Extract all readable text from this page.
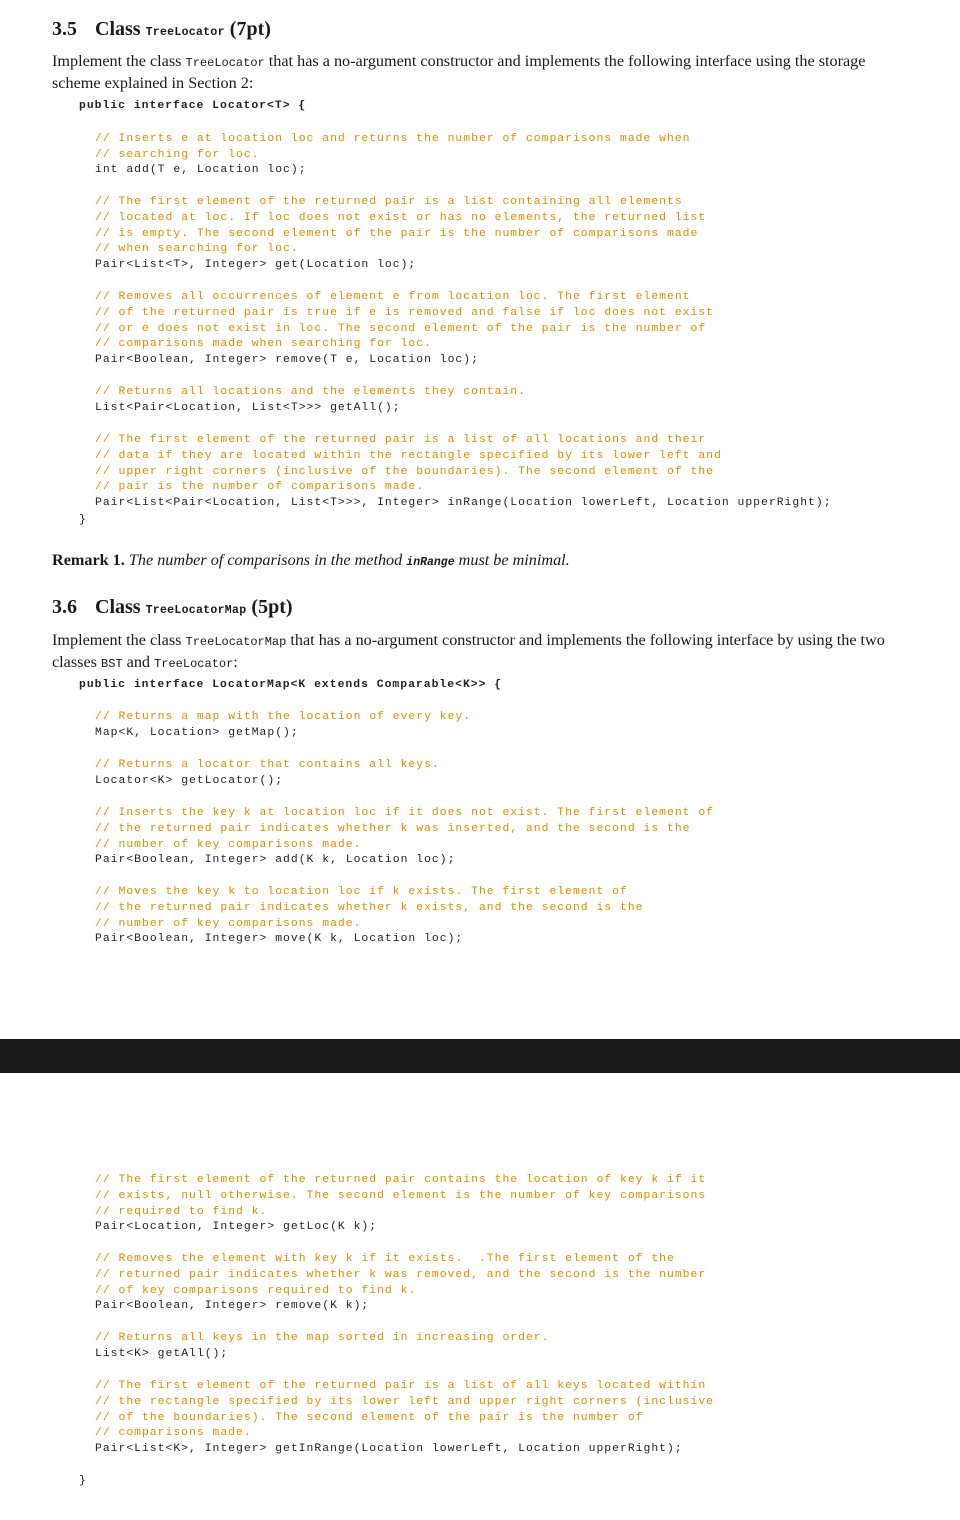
3.5 Class TreeLocator (7pt)

Implement the class TreeLocator that has a no-argument constructor and implements the following interface using the storage scheme explained in Section 2:

public interface Locator<T> {
// Inserts e at location loc and returns the number of comparisons made when
// searching for loc.
int add(T e, Location loc);
// The first element of the returned pair is a list containing all elements
// located at loc. If loc does not exist or has no elements, the returned list
// is empty. The second element of the pair is the number of comparisons made
// when searching for loc.
Pair<List<T>, Integer> get(Location loc);
// Removes all occurrences of element e from location loc. The first element
// of the returned pair is true if e is removed and false if loc does not exist
// or e does not exist in loc. The second element of the pair is the number of
// comparisons made when searching for loc.
Pair<Boolean, Integer> remove(T e, Location loc);
// Returns all locations and the elements they contain.
List<Pair<Location, List<T>>> getAll();
// The first element of the returned pair is a list of all locations and their
// data if they are located within the rectangle specified by its lower left and
// upper right corners (inclusive of the boundaries). The second element of the
// pair is the number of comparisons made.
Pair<List<Pair<Location, List<T>>>, Integer> inRange(Location lowerLeft, Location upperRight);
}

Remark 1. The number of comparisons in the method inRange must be minimal.

3.6 Class TreeLocatorMap (5pt)

Implement the class TreeLocatorMap that has a no-argument constructor and implements the following interface by using the two classes BST and TreeLocator:

public interface LocatorMap<K extends Comparable<K>> {
// Returns a map with the location of every key.
Map<K, Location> getMap();
// Returns a locator that contains all keys.
Locator<K> getLocator();
// Inserts the key k at location loc if it does not exist. The first element of
// the returned pair indicates whether k was inserted, and the second is the
// number of key comparisons made.
Pair<Boolean, Integer> add(K k, Location loc);
// Moves the key k to location loc if k exists. The first element of
// the returned pair indicates whether k exists, and the second is the
// number of key comparisons made.
Pair<Boolean, Integer> move(K k, Location loc);
// The first element of the returned pair contains the location of key k if it
// exists, null otherwise. The second element is the number of key comparisons
// required to find k.
Pair<Location, Integer> getLoc(K k);
// Removes the element with key k if it exists.  .The first element of the
// returned pair indicates whether k was removed, and the second is the number
// of key comparisons required to find k.
Pair<Boolean, Integer> remove(K k);
// Returns all keys in the map sorted in increasing order.
List<K> getAll();
// The first element of the returned pair is a list of all keys located within
// the rectangle specified by its lower left and upper right corners (inclusive
// of the boundaries). The second element of the pair is the number of
// comparisons made.
Pair<List<K>, Integer> getInRange(Location lowerLeft, Location upperRight);
}
